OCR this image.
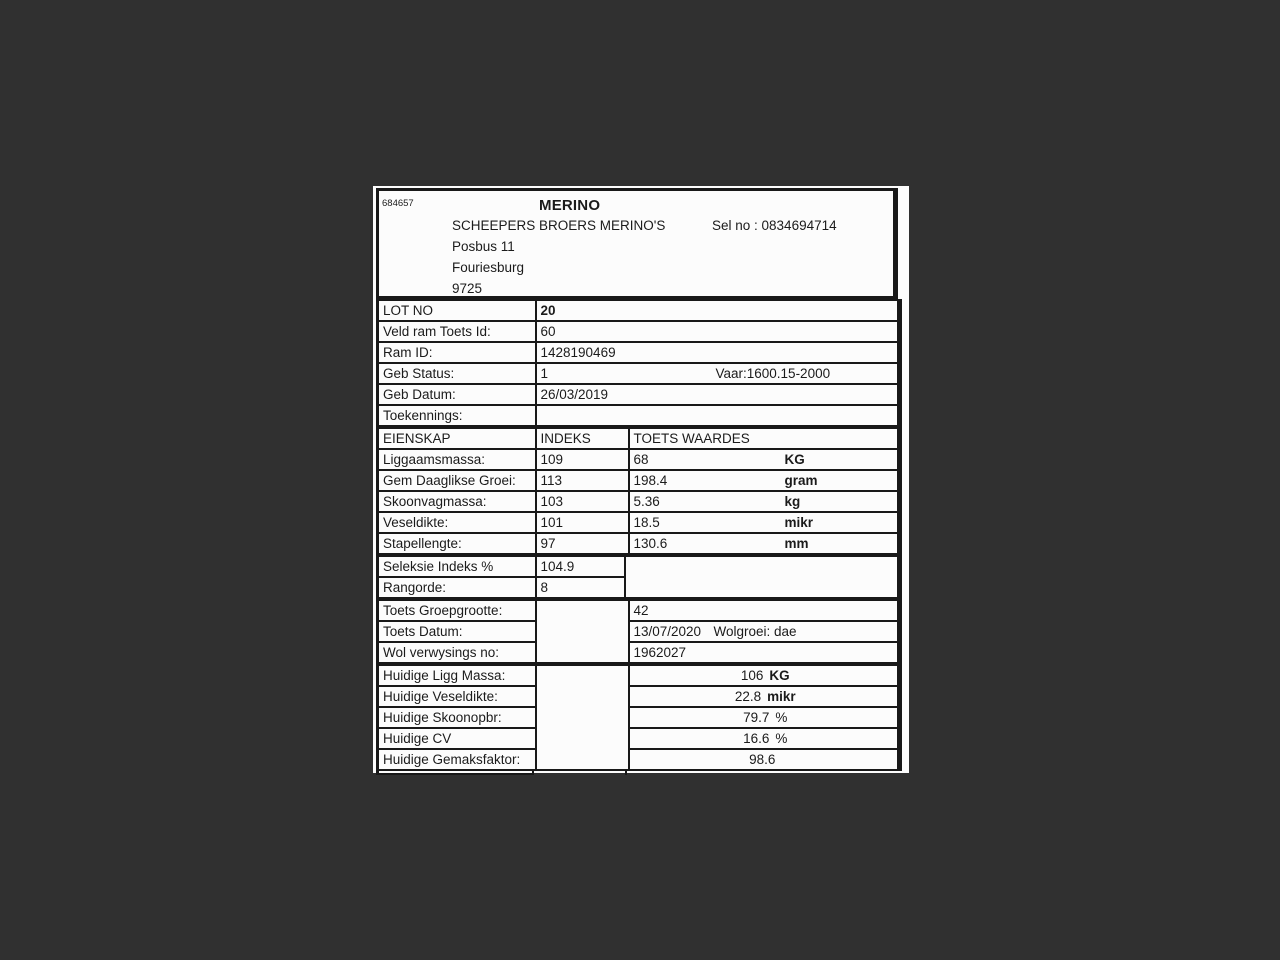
684657	MERINO
SCHEEPERS BROERS MERINO'S	Sel no : 0834694714
Posbus 11
Fouriesburg
9725
LOT NO	20
Veld ram Toets Id:	60
Ram ID:	1428190469
Geb Status:	1 Vaar:1600.15-2000

Geb Datum:	26/03/2019
Toekennings:	
EIENSKAP	INDEKS	TOETS WAARDES
Liggaamsmassa:	109	68 KG
Gem Daaglikse Groei:	113	198.4 gram
Skoonvagmassa:	103	5.36 kg
Veseldikte:	101	18.5 mikr
Stapellengte:	97	130.6 mm
Seleksie Indeks %	104.9	
Rangorde:	8	
Toets Groepgrootte:		42
Toets Datum:		13/07/2020 Wolgroei: dae

Wol verwysings no:		1962027
Huidige Ligg Massa:		106 KG
Huidige Veseldikte:		22.8 mikr
Huidige Skoonopbr:		79.7 %
Huidige CV		16.6 %
Huidige Gemaksfaktor:		98.6
